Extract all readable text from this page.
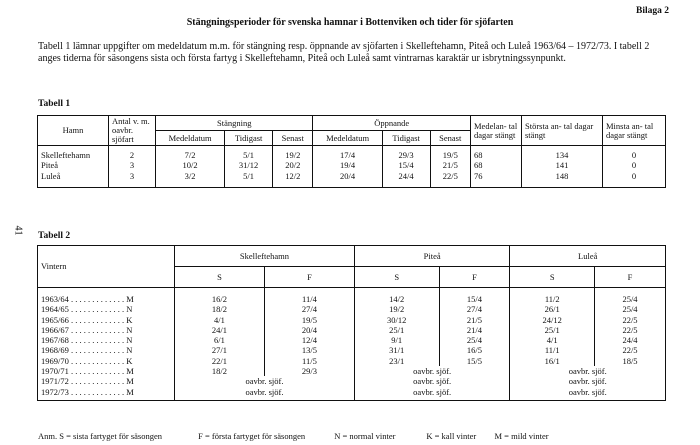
Bilaga 2
Stängningsperioder för svenska hamnar i Bottenviken och tider för sjöfarten
Tabell 1 lämnar uppgifter om medeldatum m.m. för stängning resp. öppnande av sjöfarten i Skelleftehamn, Piteå och Luleå 1963/64 – 1972/73. I tabell 2 anges tiderna för säsongens sista och första fartyg i Skelleftehamn, Piteå och Luleå samt vintrarnas karaktär ur isbrytningssynpunkt.
41
Tabell 1
Hamn	Antal v. m. oavbr. sjöfart	Stängning			Öppnande			Medelan- tal dagar stängt	Största an- tal dagar stängt	Minsta an- tal dagar stängt
		Medeldatum	Tidigast	Senast	Medeldatum	Tidigast	Senast			
Skelleftehamn	2	7/2	5/1	19/2	17/4	29/3	19/5	68	134	0
Piteå	3	10/2	31/12	20/2	19/4	15/4	21/5	68	141	0
Luleå	3	3/2	5/1	12/2	20/4	24/4	22/5	76	148	0
Tabell 2
Vintern	Skelleftehamn		Piteå		Luleå	
	S	F	S	F	S	F
1963/64 . . . . . . . . . . . . . M	16/2	11/4	14/2	15/4	11/2	25/4
1964/65 . . . . . . . . . . . . . N	18/2	27/4	19/2	27/4	26/1	25/4
1965/66 . . . . . . . . . . . . . K	4/1	19/5	30/12	21/5	24/12	22/5
1966/67 . . . . . . . . . . . . . N	24/1	20/4	25/1	21/4	25/1	22/5
1967/68 . . . . . . . . . . . . . N	6/1	12/4	9/1	25/4	4/1	24/4
1968/69 . . . . . . . . . . . . . N	27/1	13/5	31/1	16/5	11/1	22/5
1969/70 . . . . . . . . . . . . . K	22/1	11/5	23/1	15/5	16/1	18/5
1970/71 . . . . . . . . . . . . . M	18/2	29/3	oavbr. sjöf.		oavbr. sjöf.	
1971/72 . . . . . . . . . . . . . M	oavbr. sjöf.		oavbr. sjöf.		oavbr. sjöf.	
1972/73 . . . . . . . . . . . . . M	oavbr. sjöf.		oavbr. sjöf.		oavbr. sjöf.	
Anm. S = sista fartyget för säsongen	F = första fartyget för säsongen	N = normal vinter	K = kall vinter M = mild vinter
